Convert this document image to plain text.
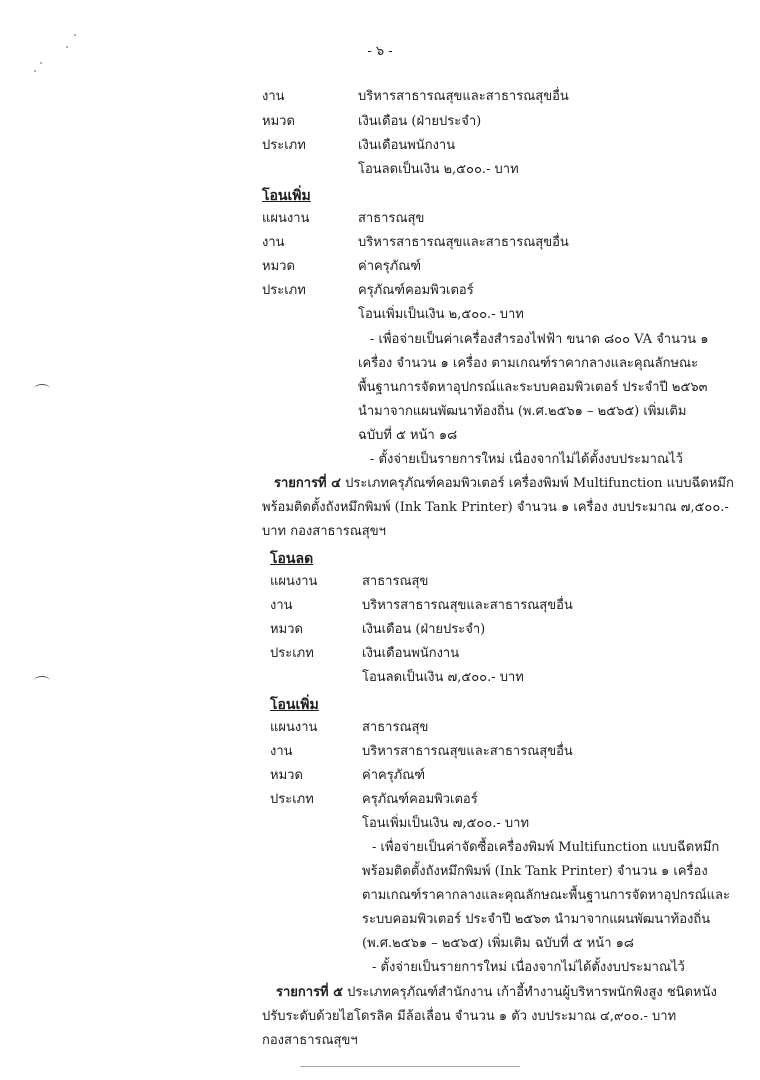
- ๖ -
งาน	บริหารสาธารณสุขและสาธารณสุขอื่น
หมวด	เงินเดือน (ฝ่ายประจำ)
ประเภท	เงินเดือนพนักงาน
โอนลดเป็นเงิน ๒,๕๐๐.- บาท
โอนเพิ่ม
แผนงาน	สาธารณสุข
งาน	บริหารสาธารณสุขและสาธารณสุขอื่น
หมวด	ค่าครุภัณฑ์
ประเภท	ครุภัณฑ์คอมพิวเตอร์
โอนเพิ่มเป็นเงิน ๒,๕๐๐.- บาท
- เพื่อจ่ายเป็นค่าเครื่องสำรองไฟฟ้า ขนาด ๘๐๐ VA จำนวน ๑
เครื่อง จำนวน ๑ เครื่อง ตามเกณฑ์ราคากลางและคุณลักษณะ
พื้นฐานการจัดหาอุปกรณ์และระบบคอมพิวเตอร์ ประจำปี ๒๕๖๓
นำมาจากแผนพัฒนาท้องถิ่น (พ.ศ.๒๕๖๑ – ๒๕๖๕) เพิ่มเติม
ฉบับที่ ๕ หน้า ๑๘
- ตั้งจ่ายเป็นรายการใหม่ เนื่องจากไม่ได้ตั้งงบประมาณไว้
รายการที่ ๔ ประเภทครุภัณฑ์คอมพิวเตอร์ เครื่องพิมพ์ Multifunction แบบฉีดหมึก
พร้อมติดตั้งถังหมึกพิมพ์ (Ink Tank Printer) จำนวน ๑ เครื่อง งบประมาณ ๗,๕๐๐.-
บาท กองสาธารณสุขฯ
โอนลด
แผนงาน	สาธารณสุข
งาน	บริหารสาธารณสุขและสาธารณสุขอื่น
หมวด	เงินเดือน (ฝ่ายประจำ)
ประเภท	เงินเดือนพนักงาน
โอนลดเป็นเงิน ๗,๕๐๐.- บาท
โอนเพิ่ม
แผนงาน	สาธารณสุข
งาน	บริหารสาธารณสุขและสาธารณสุขอื่น
หมวด	ค่าครุภัณฑ์
ประเภท	ครุภัณฑ์คอมพิวเตอร์
โอนเพิ่มเป็นเงิน ๗,๕๐๐.- บาท
- เพื่อจ่ายเป็นค่าจัดซื้อเครื่องพิมพ์ Multifunction แบบฉีดหมึก
พร้อมติดตั้งถังหมึกพิมพ์ (Ink Tank Printer) จำนวน ๑ เครื่อง
ตามเกณฑ์ราคากลางและคุณลักษณะพื้นฐานการจัดหาอุปกรณ์และ
ระบบคอมพิวเตอร์ ประจำปี ๒๕๖๓ นำมาจากแผนพัฒนาท้องถิ่น
(พ.ศ.๒๕๖๑ – ๒๕๖๕) เพิ่มเติม ฉบับที่ ๕ หน้า ๑๘
- ตั้งจ่ายเป็นรายการใหม่ เนื่องจากไม่ได้ตั้งงบประมาณไว้
รายการที่ ๕ ประเภทครุภัณฑ์สำนักงาน เก้าอี้ทำงานผู้บริหารพนักพิงสูง ชนิดหนัง
ปรับระดับด้วยไฮโดรลิค มีล้อเลื่อน จำนวน ๑ ตัว งบประมาณ ๔,๙๐๐.- บาท
กองสาธารณสุขฯ
